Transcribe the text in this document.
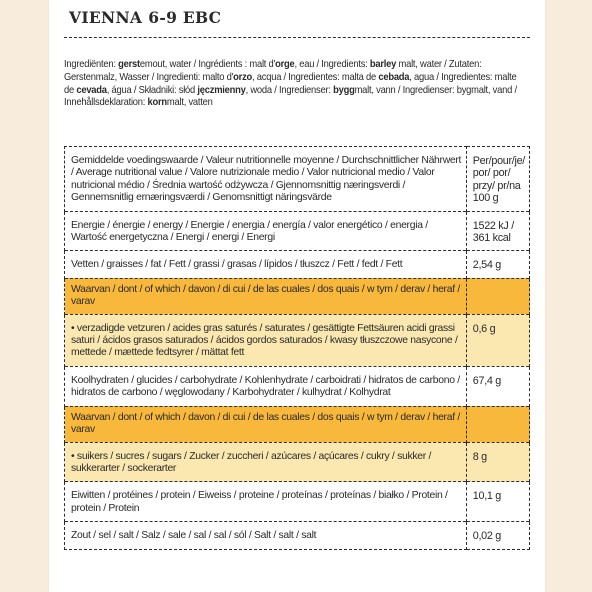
VIENNA 6-9 EBC
Ingrediënten: gerstemout, water / Ingrédients : malt d'orge, eau / Ingredients: barley malt, water / Zutaten: Gerstenmalz, Wasser / Ingredienti: malto d'orzo, acqua / Ingredientes: malta de cebada, agua / Ingredientes: malte de cevada, água / Składniki: słód jęczmienny, woda / Ingredienser: byggmalt, vann / Ingredienser: bygmalt, vand / Innehållsdeklaration: kornmalt, vatten
Gemiddelde voedingswaarde / Valeur nutritionnelle moyenne / Durchschnittlicher Nährwert / Average nutritional value / Valore nutrizionale medio / Valor nutricional medio / Valor nutricional médio / Średnia wartość odżywcza / Gjennomsnittig næringsverdi / Gennemsnitlig ernæringsværdi / Genomsnittigt näringsvärde	Per/pour/je/ por/ por/ przy/ pr/na 100 g
Energie / énergie / energy / Energie / energia / energía / valor energético / energia / Wartość energetyczna / Energi / energi / Energi	1522 kJ / 361 kcal
Vetten / graisses / fat / Fett / grassi / grasas / lípidos / tłuszcz / Fett / fedt / Fett	2,54 g
Waarvan / dont / of which / davon / di cui / de las cuales / dos quais / w tym / derav / heraf / varav	
• verzadigde vetzuren / acides gras saturés / saturates / gesättigte Fettsäuren acidi grassi saturi / ácidos grasos saturados / ácidos gordos saturados / kwasy tłuszczowe nasycone / mettede / mættede fedtsyrer / mättat fett	0,6 g
Koolhydraten / glucides / carbohydrate / Kohlenhydrate / carboidrati / hidratos de carbono / hidratos de carbono / węglowodany / Karbohydrater / kulhydrat / Kolhydrat	67,4 g
Waarvan / dont / of which / davon / di cui / de las cuales / dos quais / w tym / derav / heraf / varav	
• suikers / sucres / sugars / Zucker / zuccheri / azúcares / açúcares / cukry / sukker / sukkerarter / sockerarter	8 g
Eiwitten / protéines / protein / Eiweiss / proteine / proteínas / proteínas / białko / Protein / protein / Protein	10,1 g
Zout / sel / salt / Salz / sale / sal / sal / sól / Salt / salt / salt	0,02 g
